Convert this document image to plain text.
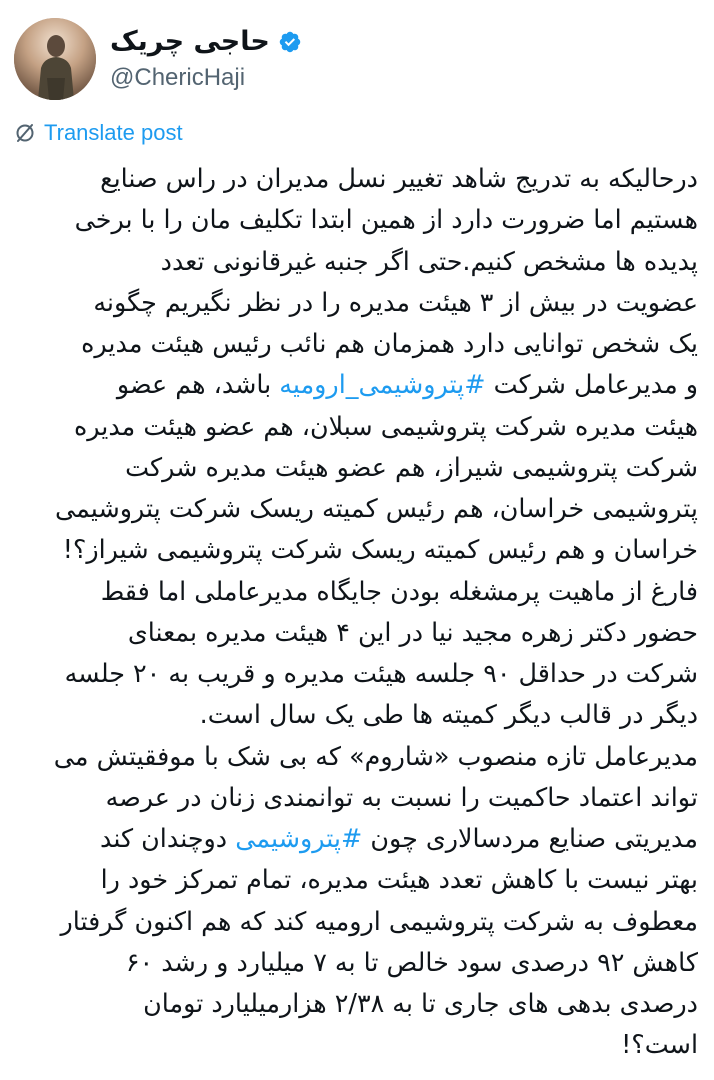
حاجی چریک
@ChericHaji
Translate post
درحالیکه به تدریج شاهد تغییر نسل مدیران در راس صنایع
هستیم اما ضرورت دارد از همین ابتدا تکلیف مان را با برخی
پدیده ها مشخص کنیم.حتی اگر جنبه غیرقانونی تعدد
عضویت در بیش از ۳ هیئت مدیره را در نظر نگیریم چگونه
یک شخص توانایی دارد همزمان هم نائب رئیس هیئت مدیره
و مدیرعامل شرکت #پتروشیمی_ارومیه باشد، هم عضو
هیئت مدیره شرکت پتروشیمی سبلان، هم عضو هیئت مدیره
شرکت پتروشیمی شیراز، هم عضو هیئت مدیره شرکت
پتروشیمی خراسان، هم رئیس کمیته ریسک شرکت پتروشیمی
خراسان و هم رئیس کمیته ریسک شرکت پتروشیمی شیراز؟!
فارغ از ماهیت پرمشغله بودن جایگاه مدیرعاملی اما فقط
حضور دکتر زهره مجید نیا در این ۴ هیئت مدیره بمعنای
شرکت در حداقل ۹۰ جلسه هیئت مدیره و قریب به ۲۰ جلسه
دیگر در قالب دیگر کمیته ها طی یک سال است.
مدیرعامل تازه منصوب «شاروم» که بی شک با موفقیتش می
تواند اعتماد حاکمیت را نسبت به توانمندی زنان در عرصه
مدیریتی صنایع مردسالاری چون #پتروشیمی دوچندان کند
بهتر نیست با کاهش تعدد هیئت مدیره، تمام تمرکز خود را
معطوف به شرکت پتروشیمی ارومیه کند که هم اکنون گرفتار
کاهش ۹۲ درصدی سود خالص تا به ۷ میلیارد و رشد ۶۰
درصدی بدهی های جاری تا به ۲/۳۸ هزارمیلیارد تومان
است؟!
